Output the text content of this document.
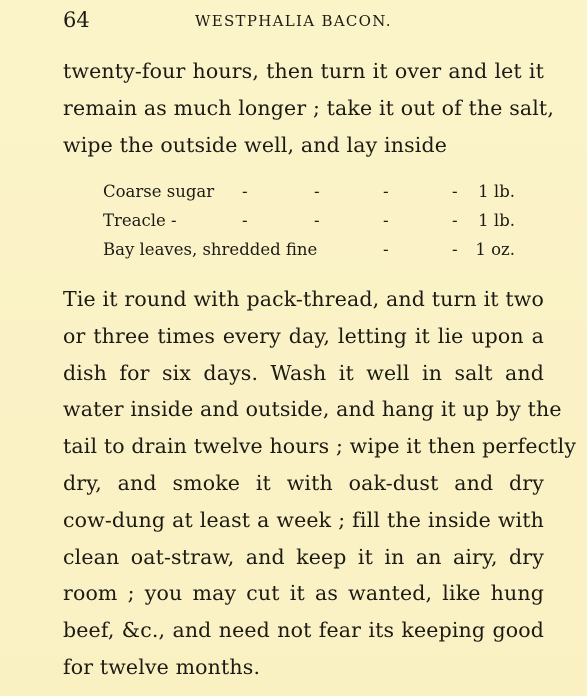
64	WESTPHALIA BACON.
twenty-four hours, then turn it over and let it
remain as much longer ; take it out of the salt,
wipe the outside well, and lay inside
Coarse sugar -	-	-	-	1 lb.
Treacle -	-	-	-	-	1 lb.
Bay leaves, shredded fine	-	-	1 oz.
Tie it round with pack-thread, and turn it two
or three times every day, letting it lie upon a
dish for six days. Wash it well in salt and
water inside and outside, and hang it up by the
tail to drain twelve hours ; wipe it then perfectly
dry, and smoke it with oak-dust and dry
cow-dung at least a week ; fill the inside with
clean oat-straw, and keep it in an airy, dry
room ; you may cut it as wanted, like hung
beef, &c., and need not fear its keeping good
for twelve months.
